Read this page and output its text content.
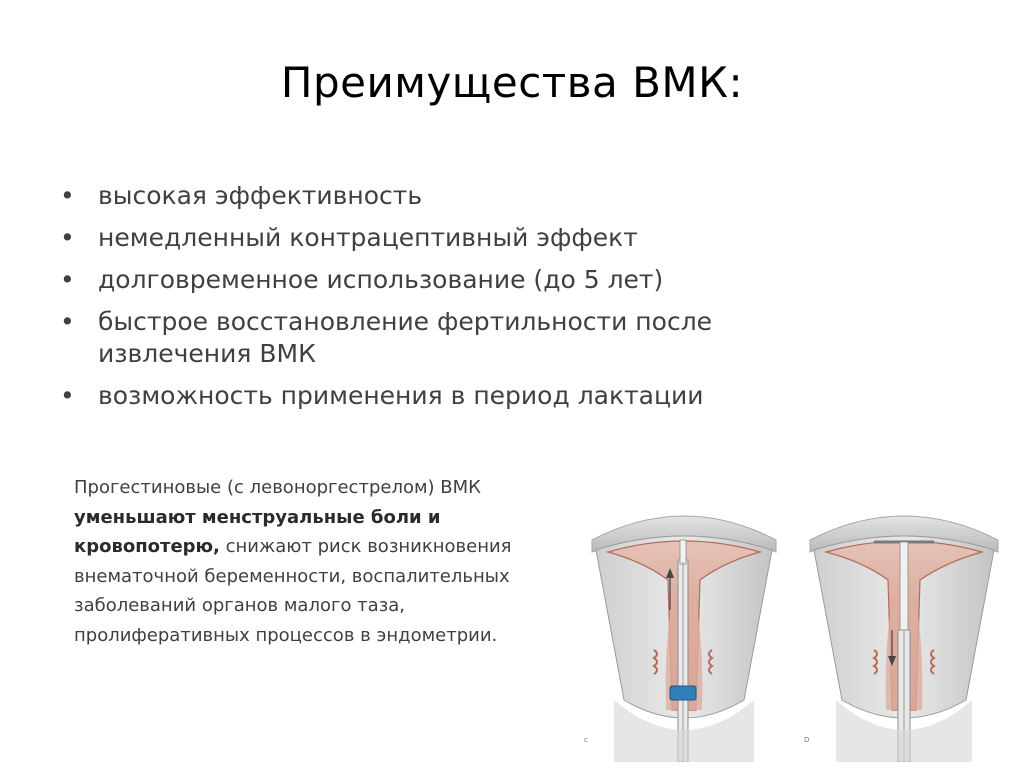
Преимущества ВМК:
• высокая эффективность
• немедленный контрацептивный эффект
• долговременное использование (до 5 лет)
• быстрое восстановление фертильности после извлечения ВМК
• возможность применения в период лактации
Прогестиновые (с левоноргестрелом) ВМК уменьшают менструальные боли и кровопотерю, снижают риск возникновения внематочной беременности, воспалительных заболеваний органов малого таза, пролиферативных процессов в эндометрии.
c	D
